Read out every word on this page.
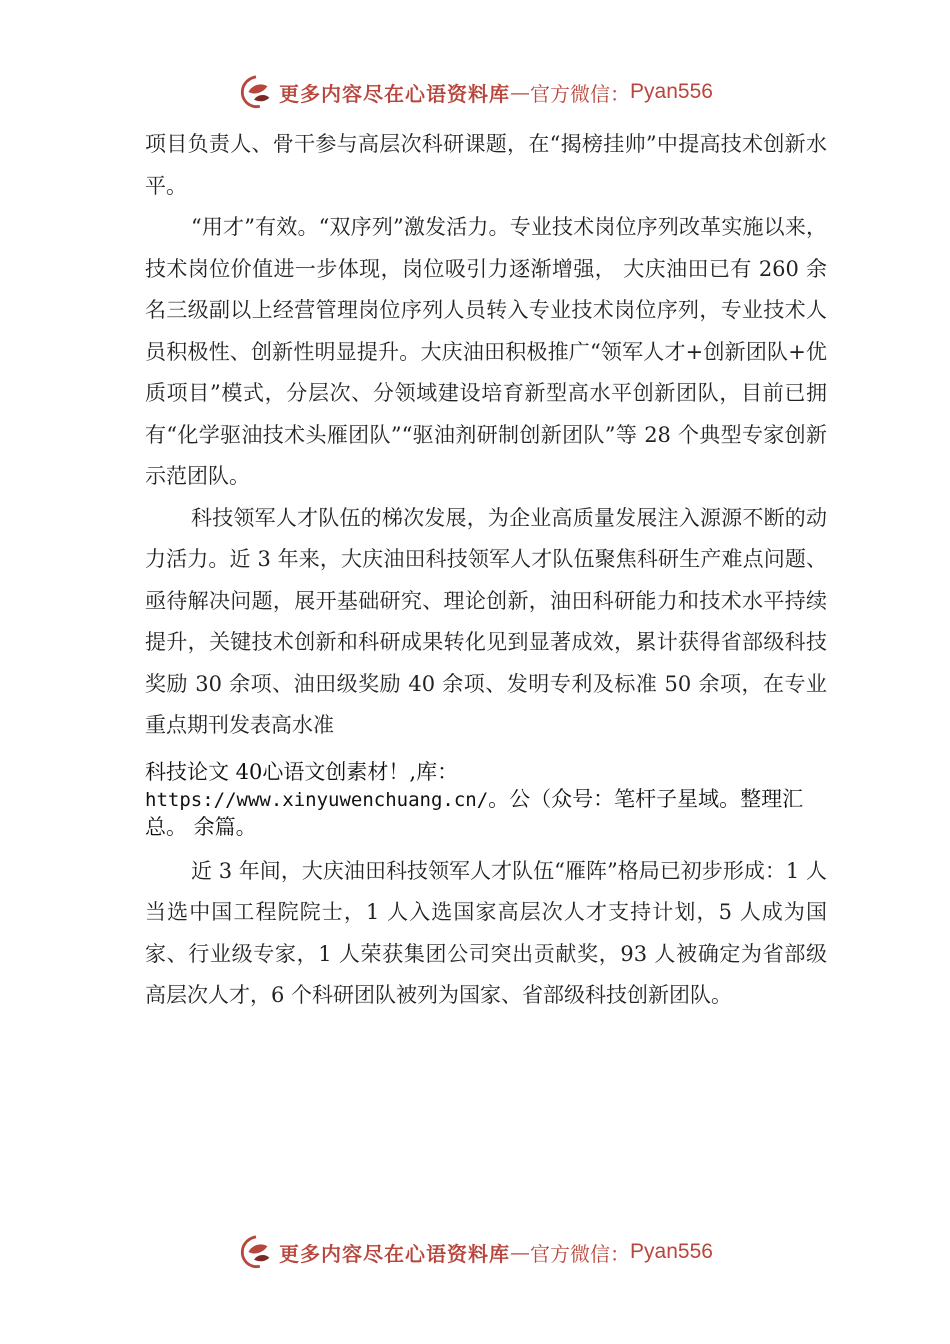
更多内容尽在心语资料库 — 官方微信： Pyan556

项目负责人、骨干参与高层次科研课题，在“揭榜挂帅”中提高技术创新水平。

“用才”有效。“双序列”激发活力。专业技术岗位序列改革实施以来，技术岗位价值进一步体现，岗位吸引力逐渐增强， 大庆油田已有 260 余名三级副以上经营管理岗位序列人员转入专业技术岗位序列，专业技术人员积极性、创新性明显提升。大庆油田积极推广“领军人才+创新团队+优质项目”模式，分层次、分领域建设培育新型高水平创新团队，目前已拥有“化学驱油技术头雁团队”“驱油剂研制创新团队”等 28 个典型专家创新示范团队。

科技领军人才队伍的梯次发展，为企业高质量发展注入源源不断的动力活力。近 3 年来，大庆油田科技领军人才队伍聚焦科研生产难点问题、亟待解决问题，展开基础研究、理论创新，油田科研能力和技术水平持续提升，关键技术创新和科研成果转化见到显著成效，累计获得省部级科技奖励 30 余项、油田级奖励 40 余项、发明专利及标准 50 余项，在专业重点期刊发表高水准

科技论文 40心语文创素材！,库：
https://www.xinyuwenchuang.cn/。公（众号：笔杆子星域。整理汇总。 余篇。

近 3 年间，大庆油田科技领军人才队伍“雁阵”格局已初步形成：1 人当选中国工程院院士，1 人入选国家高层次人才支持计划，5 人成为国家、行业级专家，1 人荣获集团公司突出贡献奖，93 人被确定为省部级高层次人才，6 个科研团队被列为国家、省部级科技创新团队。

更多内容尽在心语资料库 — 官方微信： Pyan556
